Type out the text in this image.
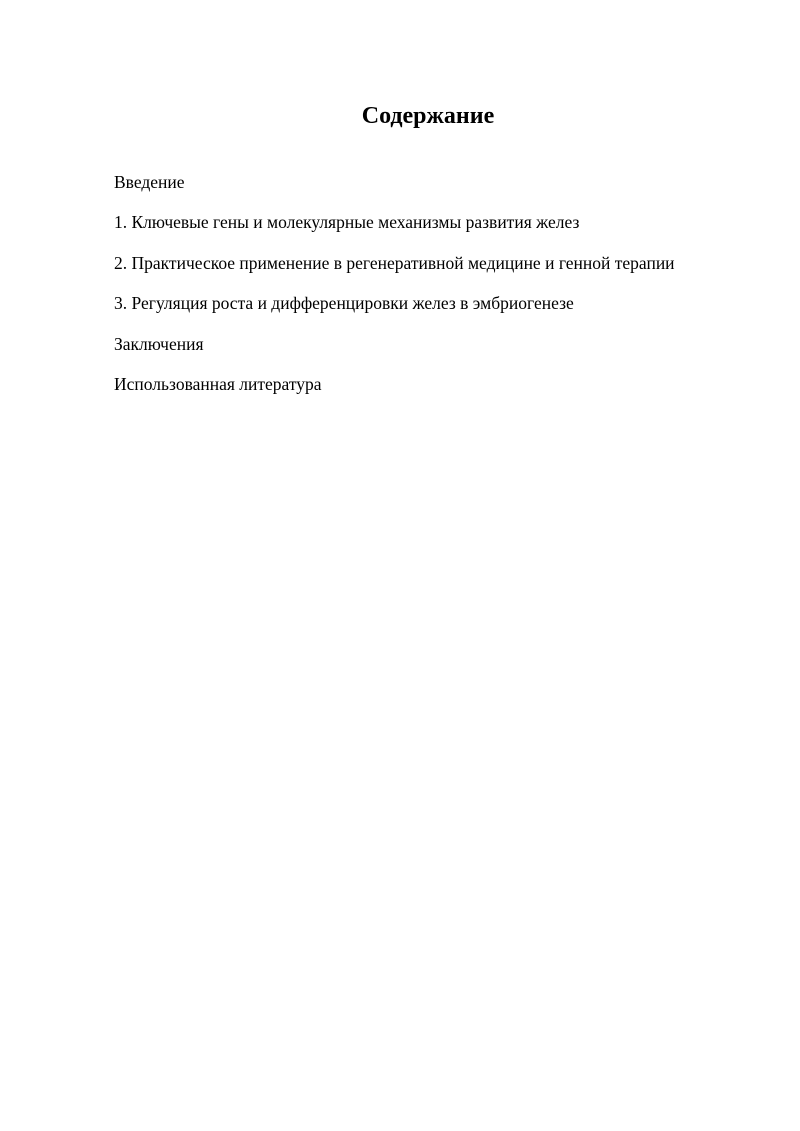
Содержание
Введение
1. Ключевые гены и молекулярные механизмы развития желез
2. Практическое применение в регенеративной медицине и генной терапии
3. Регуляция роста и дифференцировки желез в эмбриогенезе
Заключения
Использованная литература
